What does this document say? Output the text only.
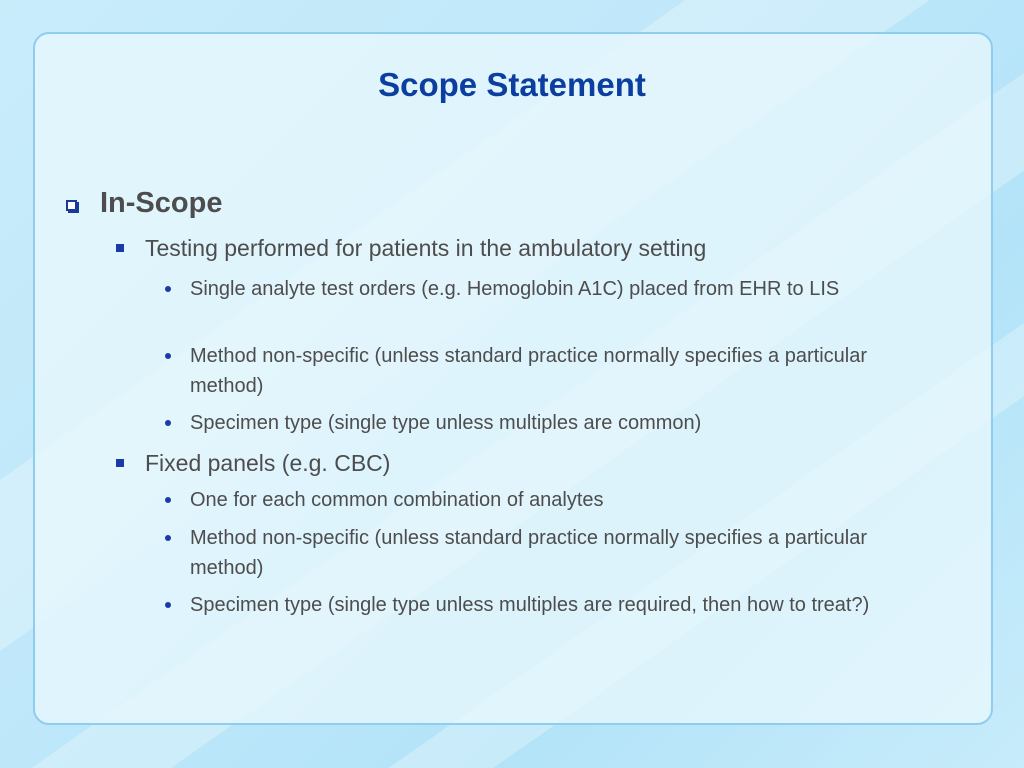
Scope Statement
In-Scope
Testing performed for patients in the ambulatory setting
Single analyte test orders (e.g. Hemoglobin A1C) placed from EHR to LIS
Method non-specific (unless standard practice normally specifies a particular method)
Specimen type (single type unless multiples are common)
Fixed panels (e.g. CBC)
One for each common combination of analytes
Method non-specific (unless standard practice normally specifies a particular method)
Specimen type (single type unless multiples are required, then how to treat?)
